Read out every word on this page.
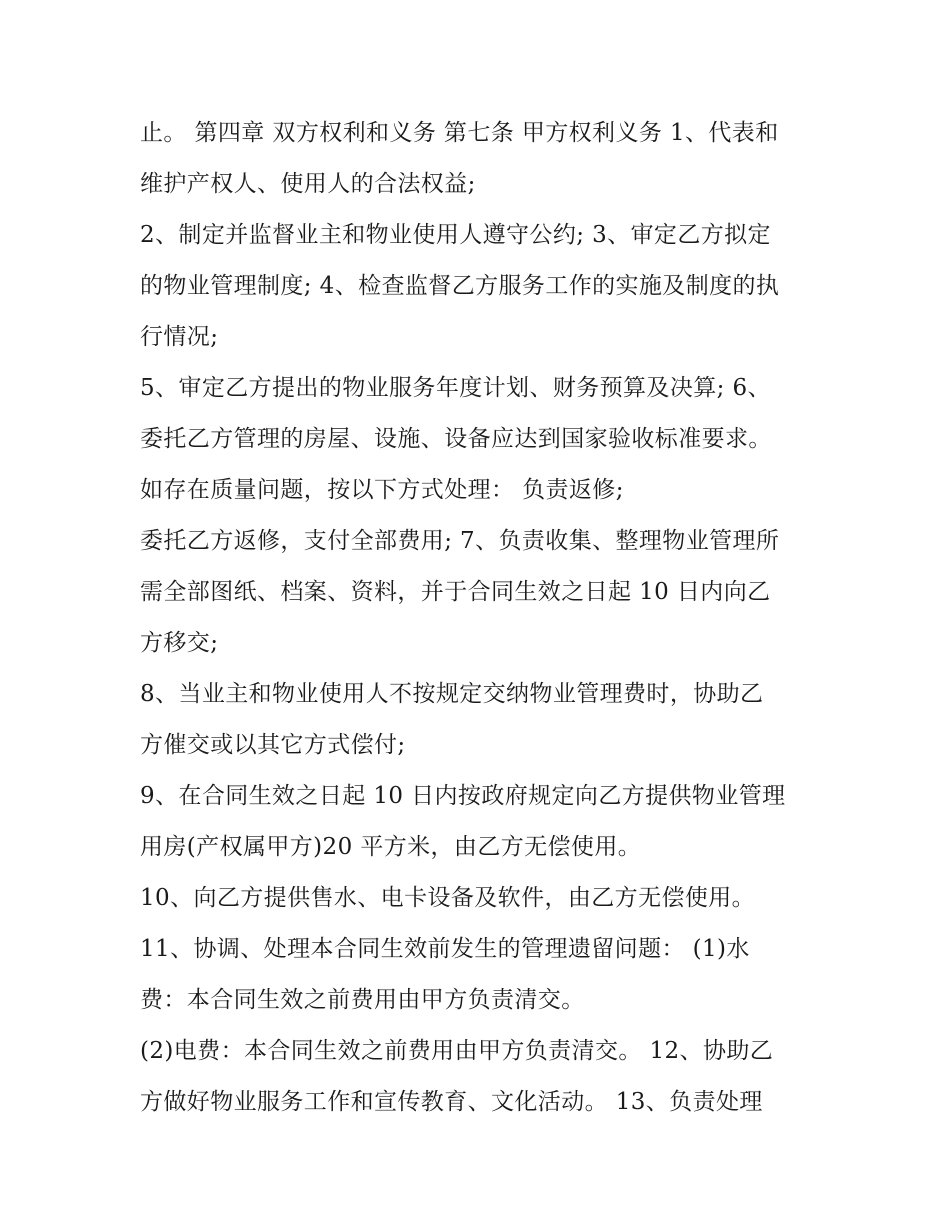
止。 第四章 双方权利和义务 第七条 甲方权利义务 1、代表和
维护产权人、使用人的合法权益;
2、制定并监督业主和物业使用人遵守公约; 3、审定乙方拟定
的物业管理制度; 4、检查监督乙方服务工作的实施及制度的执
行情况;
5、审定乙方提出的物业服务年度计划、财务预算及决算; 6、
委托乙方管理的房屋、设施、设备应达到国家验收标准要求。
如存在质量问题，按以下方式处理： 负责返修;
委托乙方返修，支付全部费用; 7、负责收集、整理物业管理所
需全部图纸、档案、资料，并于合同生效之日起 10 日内向乙
方移交;
8、当业主和物业使用人不按规定交纳物业管理费时，协助乙
方催交或以其它方式偿付;
9、在合同生效之日起 10 日内按政府规定向乙方提供物业管理
用房(产权属甲方)20 平方米，由乙方无偿使用。
10、向乙方提供售水、电卡设备及软件，由乙方无偿使用。
11、协调、处理本合同生效前发生的管理遗留问题： (1)水
费：本合同生效之前费用由甲方负责清交。
(2)电费：本合同生效之前费用由甲方负责清交。 12、协助乙
方做好物业服务工作和宣传教育、文化活动。 13、负责处理
